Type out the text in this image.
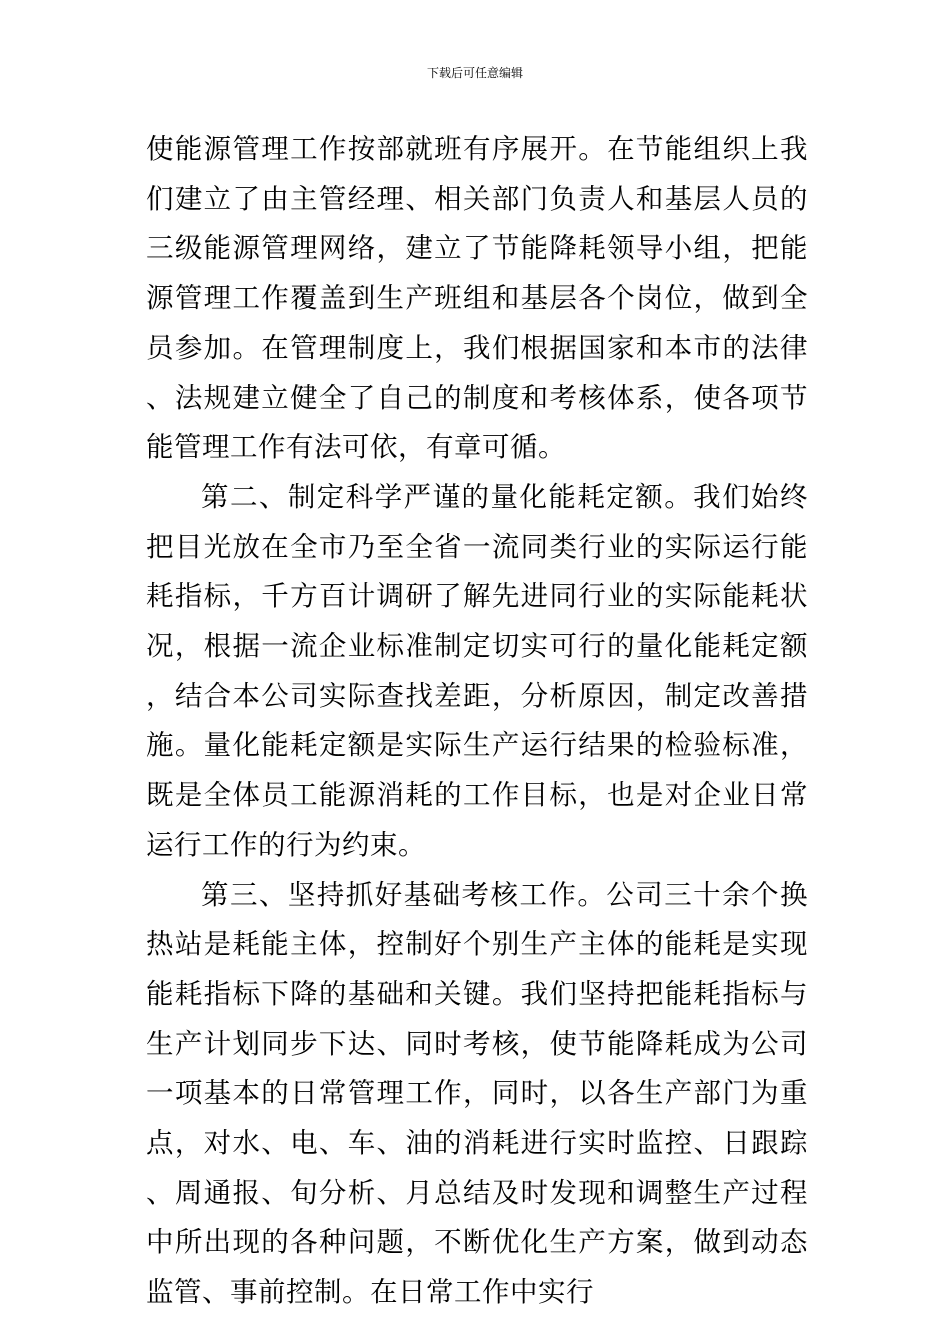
下载后可任意编辑

使能源管理工作按部就班有序展开。在节能组织上我们建立了由主管经理、相关部门负责人和基层人员的三级能源管理网络，建立了节能降耗领导小组，把能源管理工作覆盖到生产班组和基层各个岗位，做到全员参加。在管理制度上，我们根据国家和本市的法律、法规建立健全了自己的制度和考核体系，使各项节能管理工作有法可依，有章可循。

第二、制定科学严谨的量化能耗定额。我们始终把目光放在全市乃至全省一流同类行业的实际运行能耗指标，千方百计调研了解先进同行业的实际能耗状况，根据一流企业标准制定切实可行的量化能耗定额，结合本公司实际查找差距，分析原因，制定改善措施。量化能耗定额是实际生产运行结果的检验标准，既是全体员工能源消耗的工作目标，也是对企业日常运行工作的行为约束。

第三、坚持抓好基础考核工作。公司三十余个换热站是耗能主体，控制好个别生产主体的能耗是实现能耗指标下降的基础和关键。我们坚持把能耗指标与生产计划同步下达、同时考核，使节能降耗成为公司一项基本的日常管理工作，同时，以各生产部门为重点，对水、电、车、油的消耗进行实时监控、日跟踪、周通报、旬分析、月总结及时发现和调整生产过程中所出现的各种问题，不断优化生产方案，做到动态监管、事前控制。在日常工作中实行
